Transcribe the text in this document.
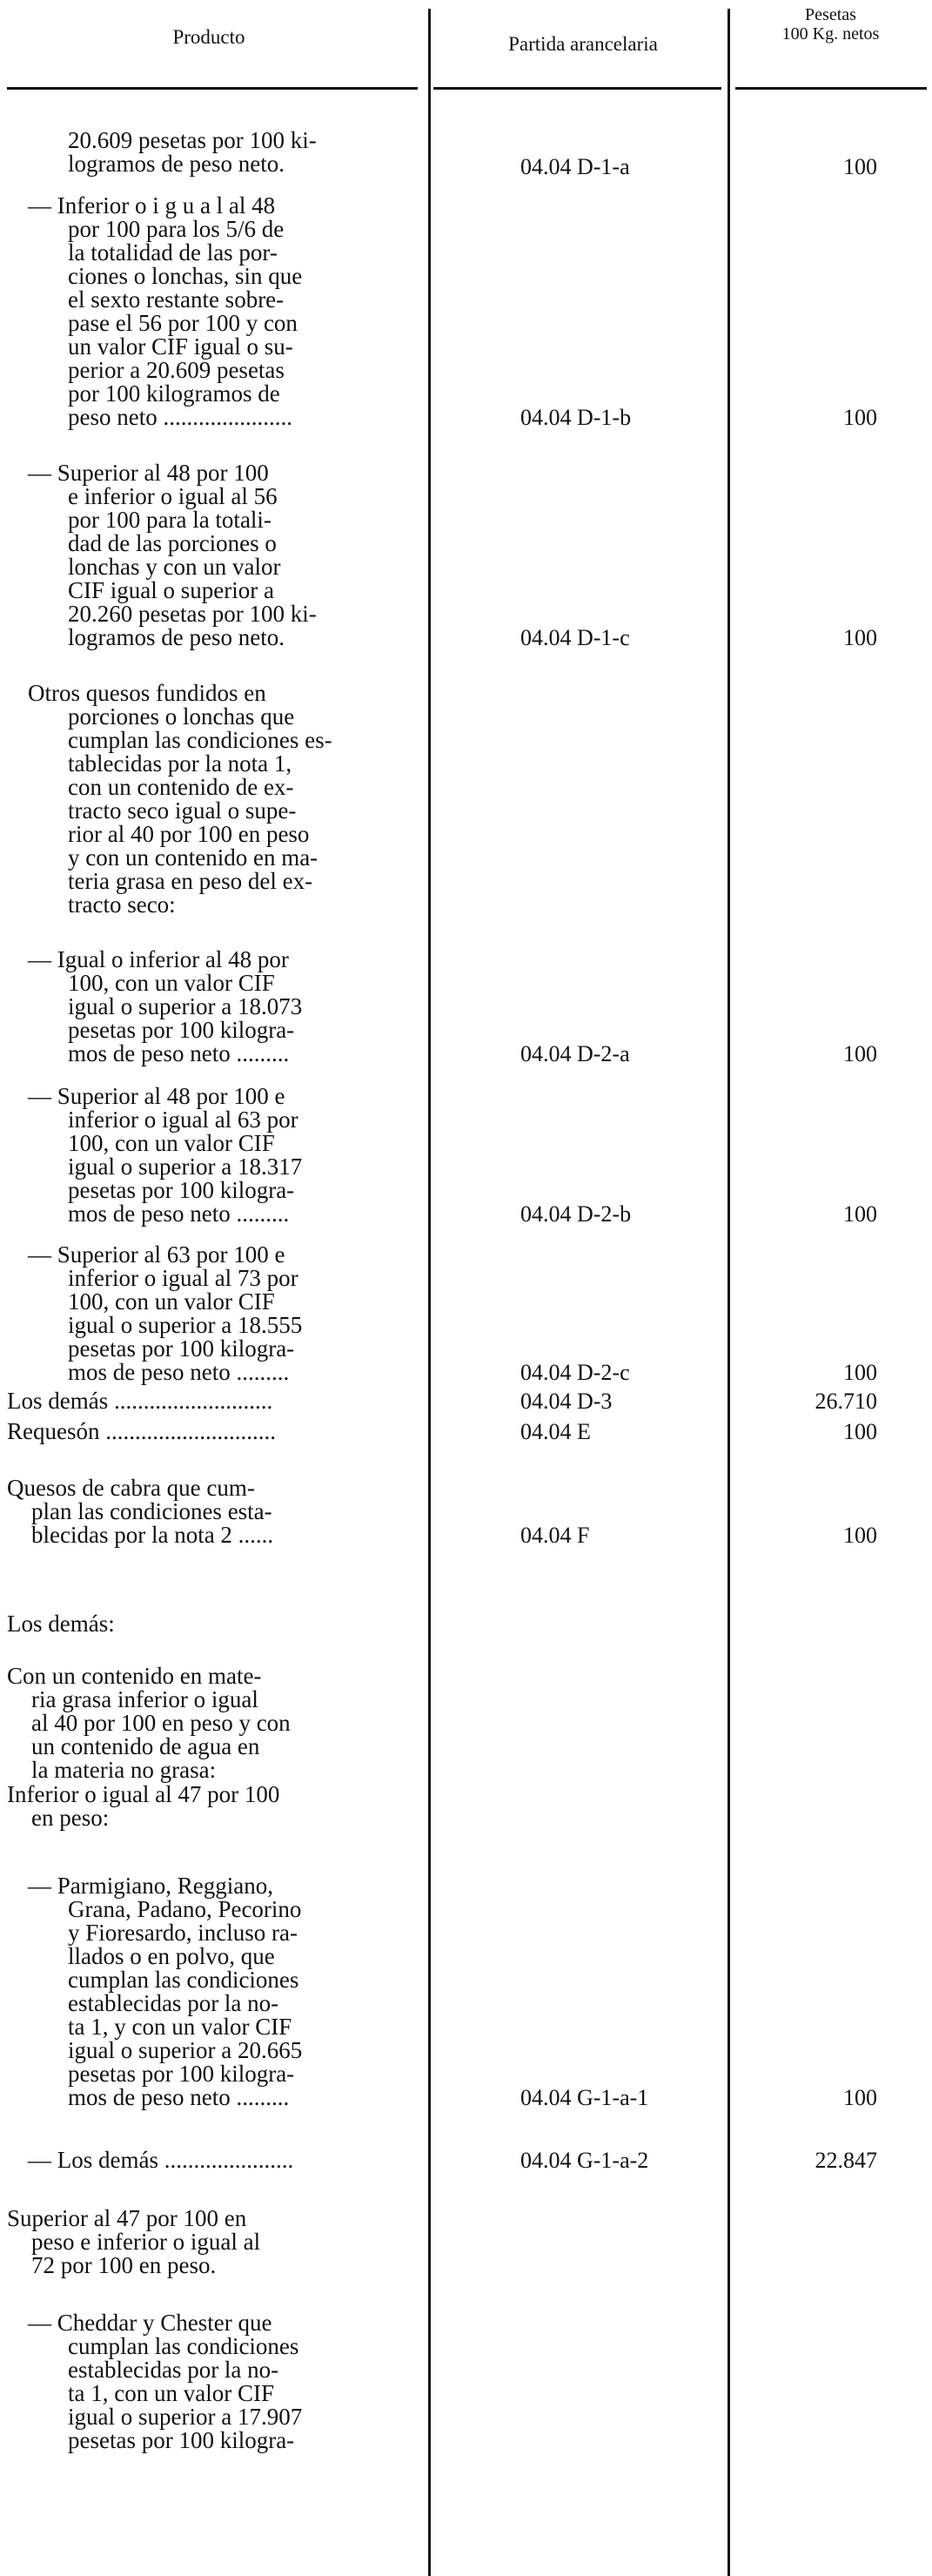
Producto	Partida arancelaria
Pesetas
100 Kg. netos
20.609 pesetas por 100 ki-
logramos de peso neto.	04.04 D-1-a	100
— Inferior o i g u a l al 48
por 100 para los 5/6 de
la totalidad de las por-
ciones o lonchas, sin que
el sexto restante sobre-
pase el 56 por 100 y con
un valor CIF igual o su-
perior a 20.609 pesetas
por 100 kilogramos de
peso neto ......................	04.04 D-1-b	100
— Superior al 48 por 100
e inferior o igual al 56
por 100 para la totali-
dad de las porciones o
lonchas y con un valor
CIF igual o superior a
20.260 pesetas por 100 ki-
logramos de peso neto.	04.04 D-1-c	100
Otros quesos fundidos en
porciones o lonchas que
cumplan las condiciones es-
tablecidas por la nota 1,
con un contenido de ex-
tracto seco igual o supe-
rior al 40 por 100 en peso
y con un contenido en ma-
teria grasa en peso del ex-
tracto seco:
— Igual o inferior al 48 por
100, con un valor CIF
igual o superior a 18.073
pesetas por 100 kilogra-
mos de peso neto .........	04.04 D-2-a	100
— Superior al 48 por 100 e
inferior o igual al 63 por
100, con un valor CIF
igual o superior a 18.317
pesetas por 100 kilogra-
mos de peso neto .........	04.04 D-2-b	100
— Superior al 63 por 100 e
inferior o igual al 73 por
100, con un valor CIF
igual o superior a 18.555
pesetas por 100 kilogra-
mos de peso neto .........	04.04 D-2-c	100
Los demás ...........................	04.04 D-3	26.710
Requesón .............................	04.04 E	100
Quesos de cabra que cum-
plan las condiciones esta-
blecidas por la nota 2 ......	04.04 F	100
Los demás:
Con un contenido en mate-
ria grasa inferior o igual
al 40 por 100 en peso y con
un contenido de agua en
la materia no grasa:
Inferior o igual al 47 por 100
en peso:
— Parmigiano, Reggiano,
Grana, Padano, Pecorino
y Fioresardo, incluso ra-
llados o en polvo, que
cumplan las condiciones
establecidas por la no-
ta 1, y con un valor CIF
igual o superior a 20.665
pesetas por 100 kilogra-
mos de peso neto .........	04.04 G-1-a-1	100
— Los demás ......................	04.04 G-1-a-2	22.847
Superior al 47 por 100 en
peso e inferior o igual al
72 por 100 en peso.
— Cheddar y Chester que
cumplan las condiciones
establecidas por la no-
ta 1, con un valor CIF
igual o superior a 17.907
pesetas por 100 kilogra-
